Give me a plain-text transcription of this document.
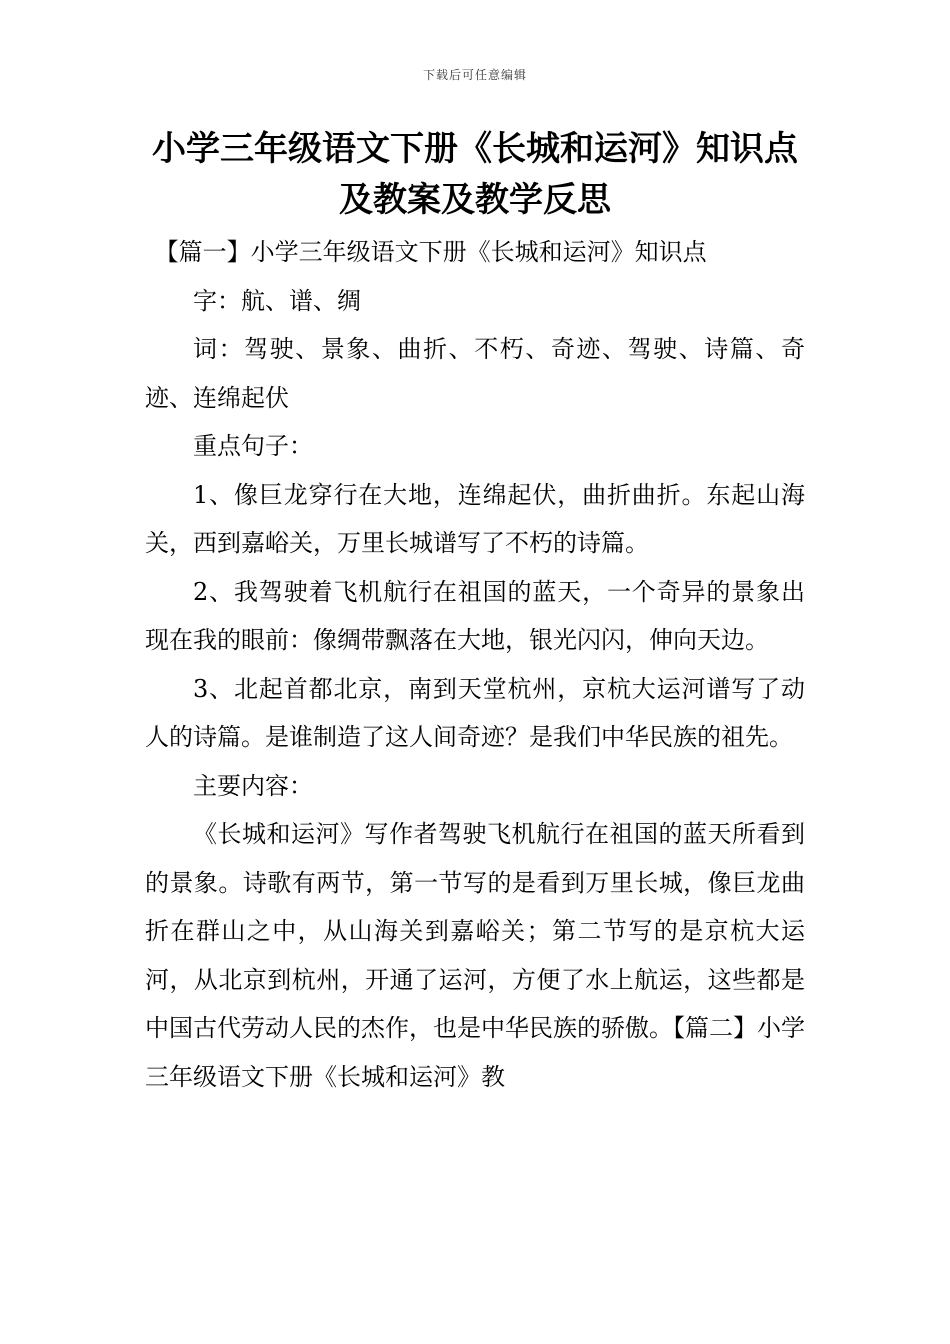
下载后可任意编辑
小学三年级语文下册《长城和运河》知识点及教案及教学反思

【篇一】小学三年级语文下册《长城和运河》知识点

字：航、谱、绸

词：驾驶、景象、曲折、不朽、奇迹、驾驶、诗篇、奇迹、连绵起伏

重点句子：

1、像巨龙穿行在大地，连绵起伏，曲折曲折。东起山海关，西到嘉峪关，万里长城谱写了不朽的诗篇。

2、我驾驶着飞机航行在祖国的蓝天，一个奇异的景象出现在我的眼前：像绸带飘落在大地，银光闪闪，伸向天边。

3、北起首都北京，南到天堂杭州，京杭大运河谱写了动人的诗篇。是谁制造了这人间奇迹？是我们中华民族的祖先。

主要内容：

《长城和运河》写作者驾驶飞机航行在祖国的蓝天所看到的景象。诗歌有两节，第一节写的是看到万里长城，像巨龙曲折在群山之中，从山海关到嘉峪关；第二节写的是京杭大运河，从北京到杭州，开通了运河，方便了水上航运，这些都是中国古代劳动人民的杰作，也是中华民族的骄傲。【篇二】小学三年级语文下册《长城和运河》教
